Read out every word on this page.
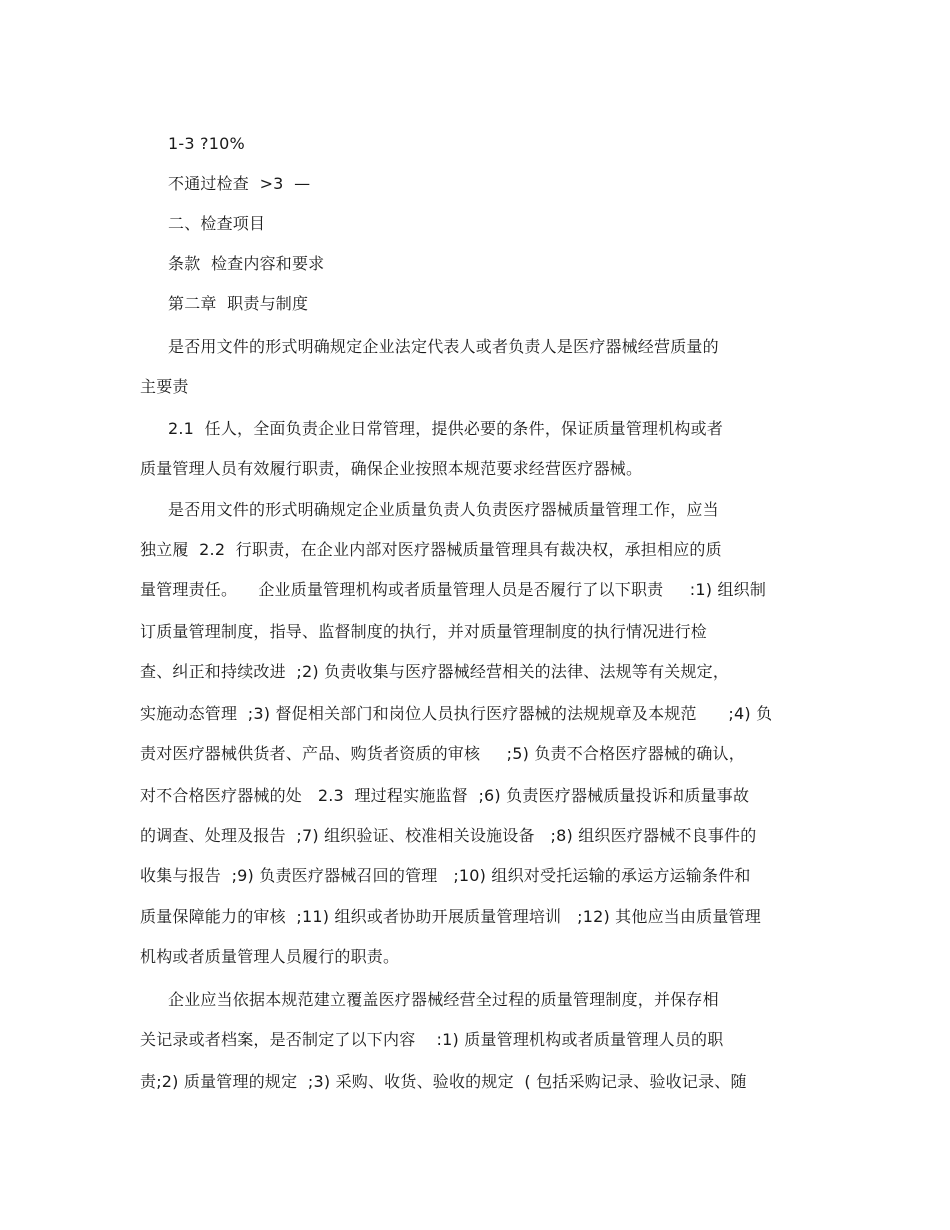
1-3 ?10%
不通过检查  >3  —
二、检查项目
条款  检查内容和要求
第二章  职责与制度
是否用文件的形式明确规定企业法定代表人或者负责人是医疗器械经营质量的
主要责
2.1  任人，全面负责企业日常管理，提供必要的条件，保证质量管理机构或者
质量管理人员有效履行职责，确保企业按照本规范要求经营医疗器械。
是否用文件的形式明确规定企业质量负责人负责医疗器械质量管理工作，应当
独立履  2.2  行职责，在企业内部对医疗器械质量管理具有裁决权，承担相应的质
量管理责任。    企业质量管理机构或者质量管理人员是否履行了以下职责     :1) 组织制
订质量管理制度，指导、监督制度的执行，并对质量管理制度的执行情况进行检
查、纠正和持续改进  ;2) 负责收集与医疗器械经营相关的法律、法规等有关规定，
实施动态管理  ;3) 督促相关部门和岗位人员执行医疗器械的法规规章及本规范      ;4) 负
责对医疗器械供货者、产品、购货者资质的审核     ;5) 负责不合格医疗器械的确认，
对不合格医疗器械的处   2.3  理过程实施监督  ;6) 负责医疗器械质量投诉和质量事故
的调查、处理及报告  ;7) 组织验证、校准相关设施设备   ;8) 组织医疗器械不良事件的
收集与报告  ;9) 负责医疗器械召回的管理   ;10) 组织对受托运输的承运方运输条件和
质量保障能力的审核  ;11) 组织或者协助开展质量管理培训   ;12) 其他应当由质量管理
机构或者质量管理人员履行的职责。
企业应当依据本规范建立覆盖医疗器械经营全过程的质量管理制度，并保存相
关记录或者档案，是否制定了以下内容    :1) 质量管理机构或者质量管理人员的职
责;2) 质量管理的规定  ;3) 采购、收货、验收的规定  ( 包括采购记录、验收记录、随
